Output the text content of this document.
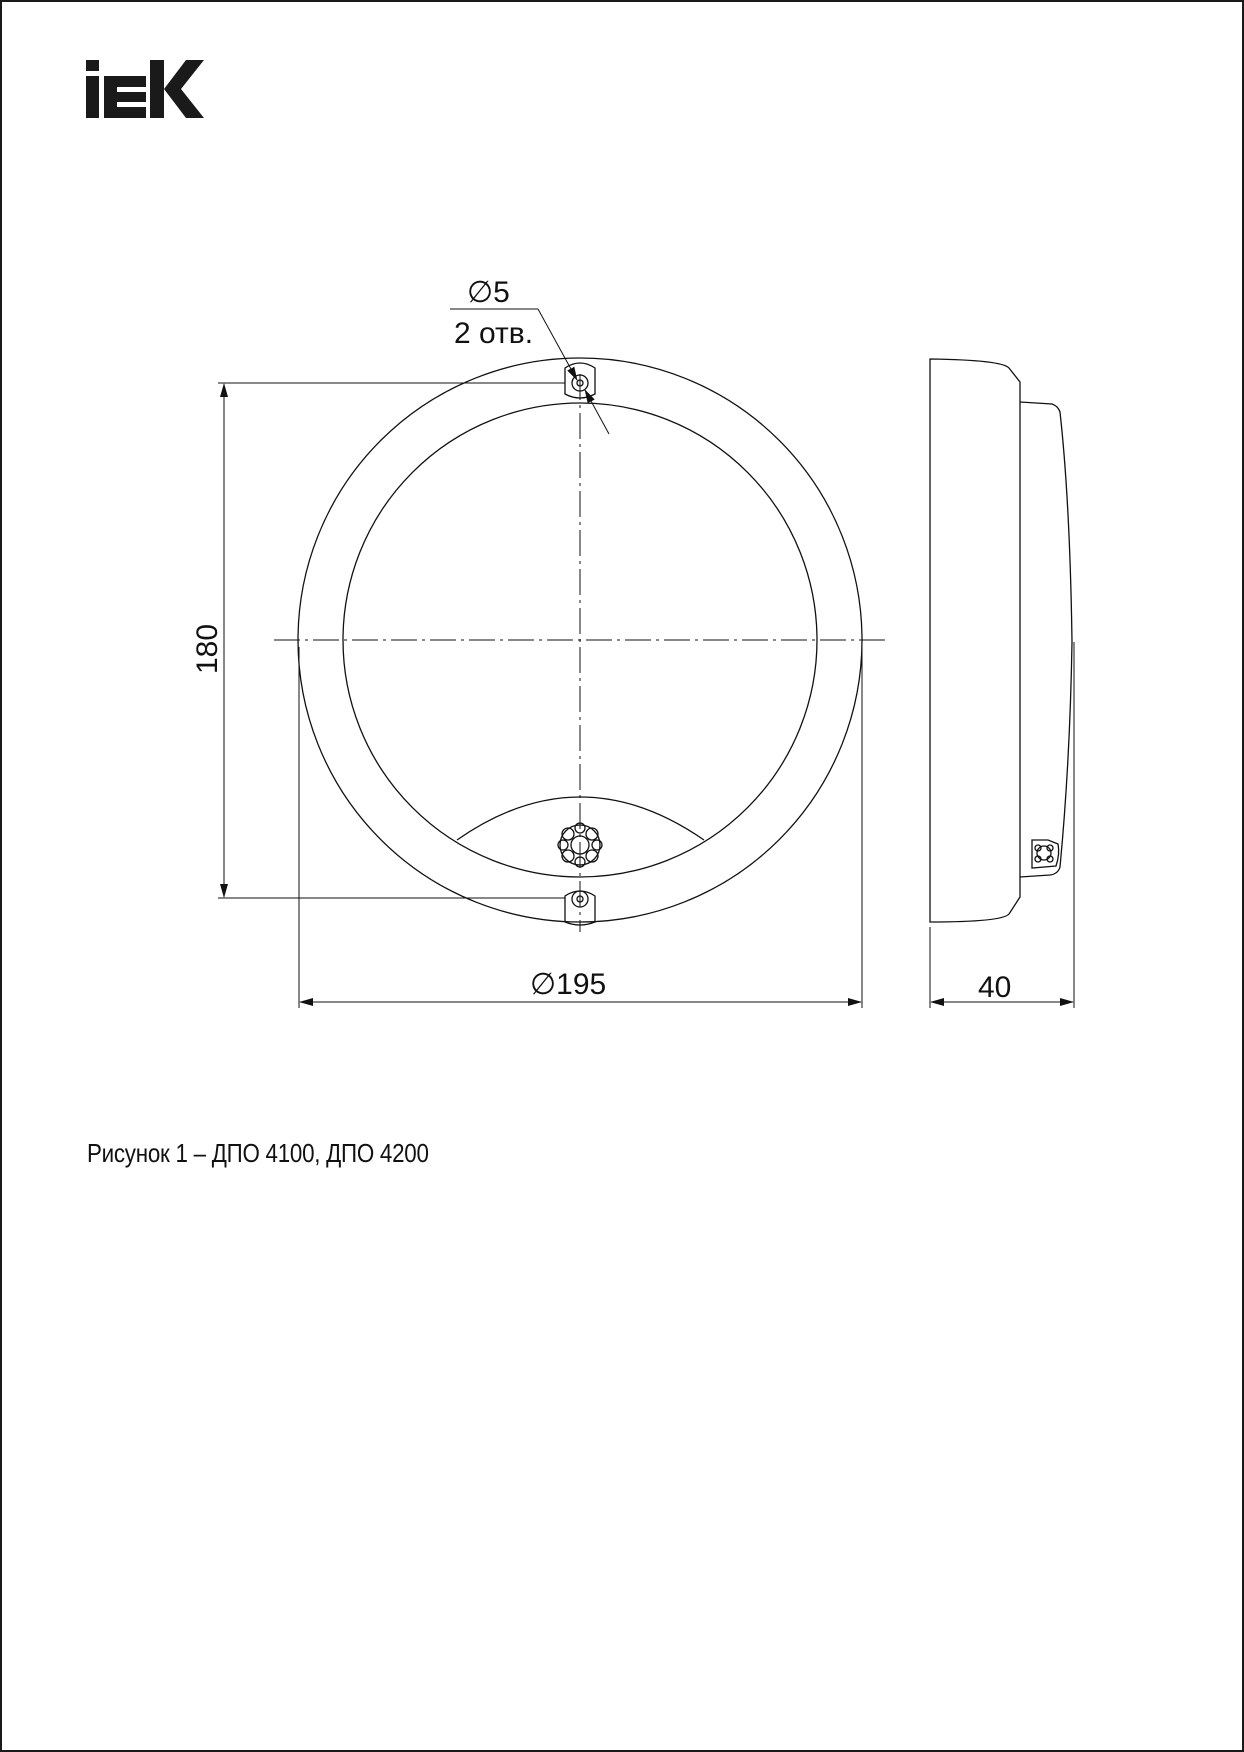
∅5
2 отв.
180
∅195	40
Рисунок 1 – ДПО 4100, ДПО 4200
